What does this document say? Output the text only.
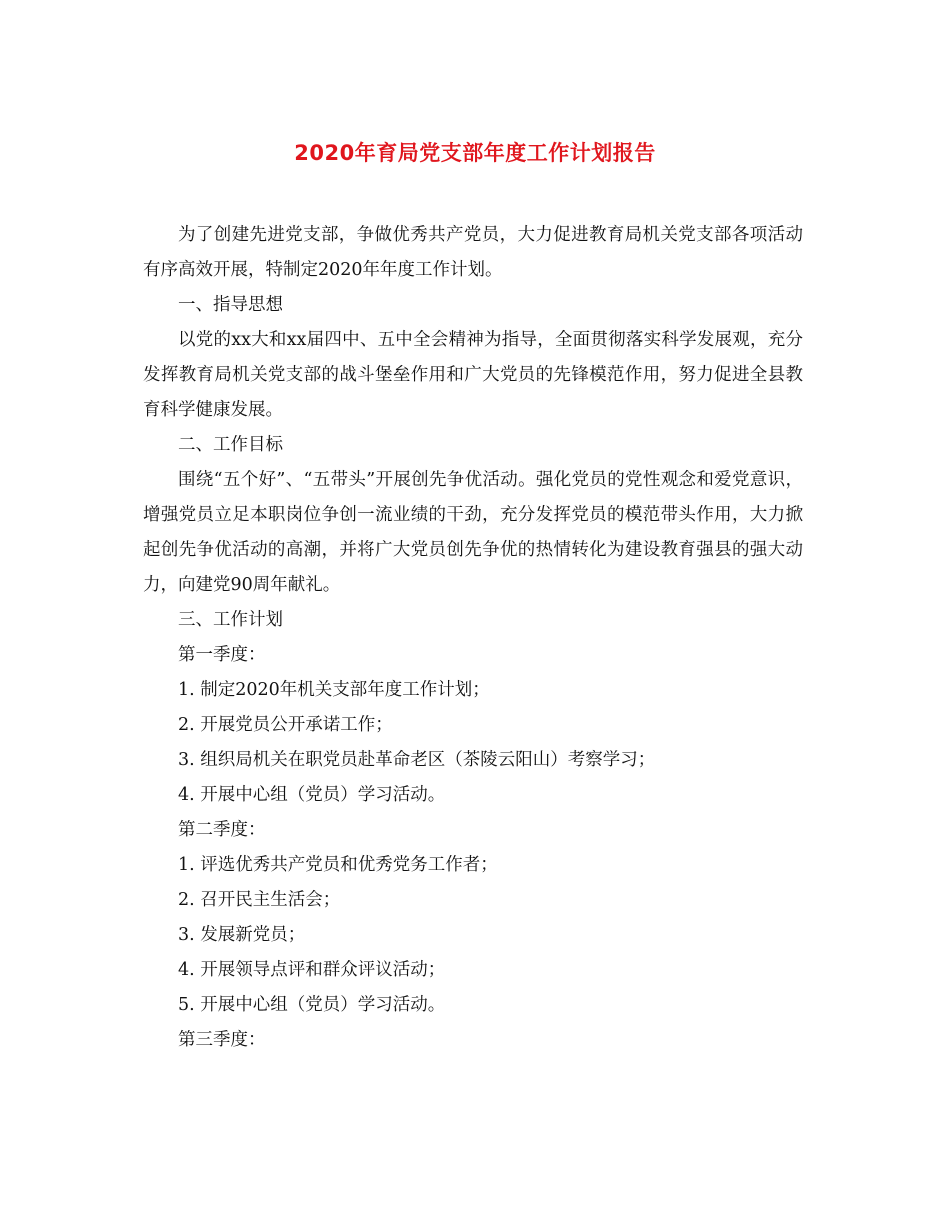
2020年育局党支部年度工作计划报告

为了创建先进党支部，争做优秀共产党员，大力促进教育局机关党支部各项活动有序高效开展，特制定2020年年度工作计划。

一、指导思想

以党的xx大和xx届四中、五中全会精神为指导，全面贯彻落实科学发展观，充分发挥教育局机关党支部的战斗堡垒作用和广大党员的先锋模范作用，努力促进全县教育科学健康发展。

二、工作目标

围绕“五个好”、“五带头”开展创先争优活动。强化党员的党性观念和爱党意识，增强党员立足本职岗位争创一流业绩的干劲，充分发挥党员的模范带头作用，大力掀起创先争优活动的高潮，并将广大党员创先争优的热情转化为建设教育强县的强大动力，向建党90周年献礼。

三、工作计划

第一季度：

1. 制定2020年机关支部年度工作计划；

2. 开展党员公开承诺工作；

3. 组织局机关在职党员赴革命老区（茶陵云阳山）考察学习；

4. 开展中心组（党员）学习活动。

第二季度：

1. 评选优秀共产党员和优秀党务工作者；

2. 召开民主生活会；

3. 发展新党员；

4. 开展领导点评和群众评议活动；

5. 开展中心组（党员）学习活动。

第三季度：
